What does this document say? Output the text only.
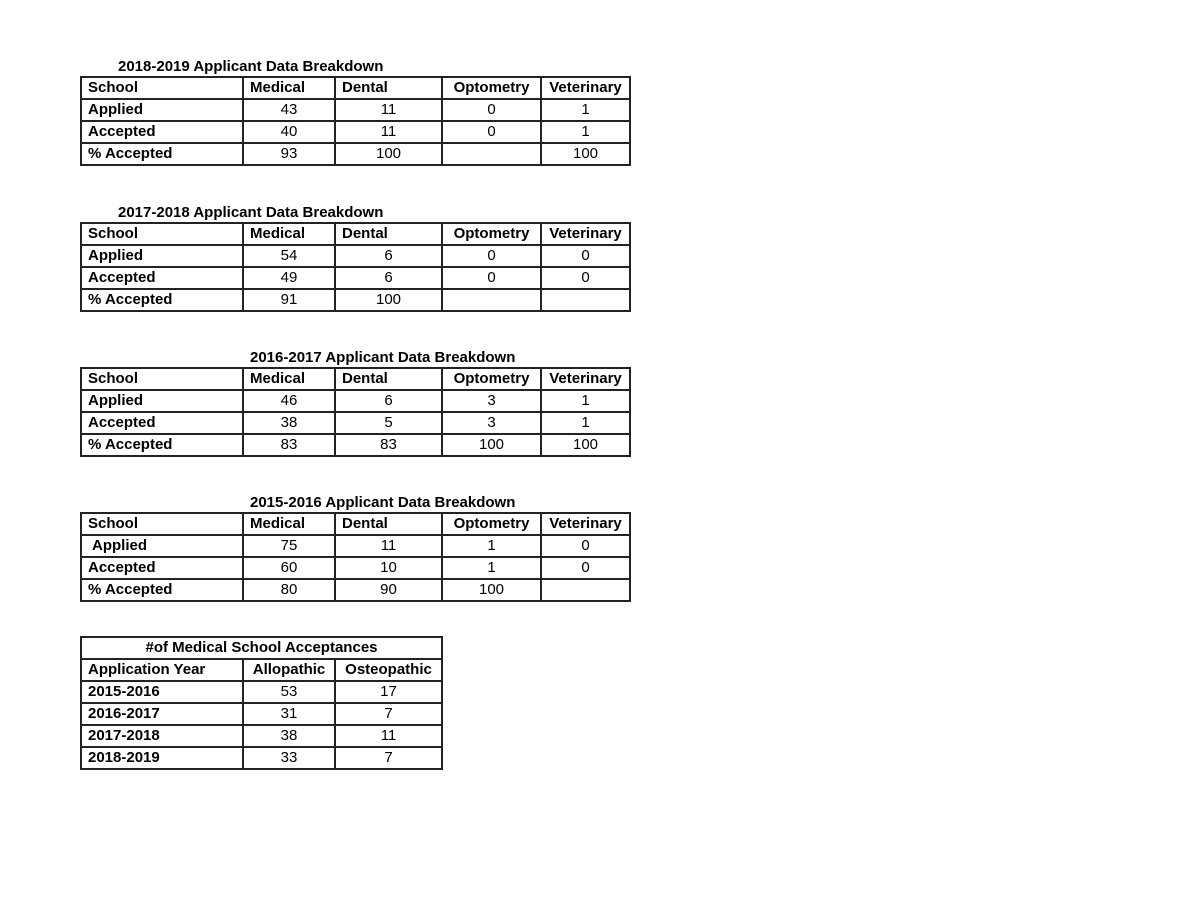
2018-2019 Applicant Data Breakdown
School	Medical	Dental	Optometry	Veterinary
Applied	43	11	0	1
Accepted	40	11	0	1
% Accepted	93	100		100
2017-2018 Applicant Data Breakdown
School	Medical	Dental	Optometry	Veterinary
Applied	54	6	0	0
Accepted	49	6	0	0
% Accepted	91	100		
2016-2017 Applicant Data Breakdown
School	Medical	Dental	Optometry	Veterinary
Applied	46	6	3	1
Accepted	38	5	3	1
% Accepted	83	83	100	100
2015-2016 Applicant Data Breakdown
School	Medical	Dental	Optometry	Veterinary
Applied	75	11	1	0
Accepted	60	10	1	0
% Accepted	80	90	100	
#of Medical School Acceptances		
Application Year	Allopathic	Osteopathic
2015-2016	53	17
2016-2017	31	7
2017-2018	38	11
2018-2019	33	7
